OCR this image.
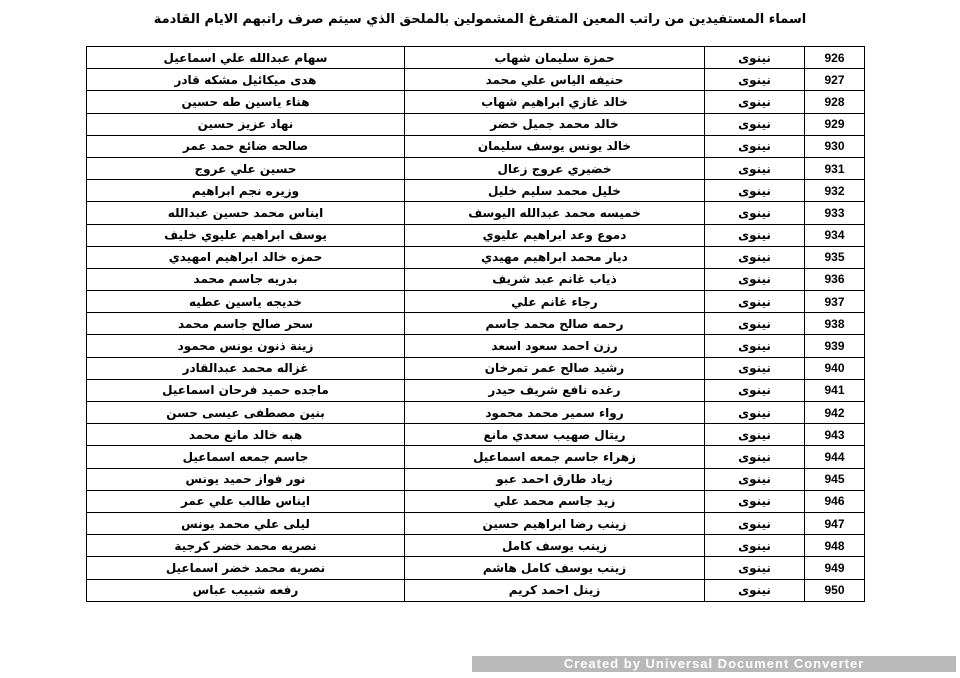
اسماء المستفيدين من راتب المعين المتفرغ المشمولين بالملحق الذي سيتم صرف راتبهم الايام القادمة
سهام عبدالله علي اسماعيل	حمزة سليمان شهاب	نينوى	926
هدى ميكائيل مشكه قادر	حنيفه الياس علي محمد	نينوى	927
هناء ياسين طه حسين	خالد غازي ابراهيم شهاب	نينوى	928
نهاد عزيز حسين	خالد محمد جميل خضر	نينوى	929
صالحه ضائع حمد عمر	خالد يونس يوسف سليمان	نينوى	930
حسين علي عروج	خضيري عروج زعال	نينوى	931
وزيره نجم ابراهيم	خليل محمد سليم خليل	نينوى	932
ايناس محمد حسين عبدالله	خميسه محمد عبدالله اليوسف	نينوى	933
يوسف ابراهيم عليوي خليف	دموع وعد ابراهيم عليوي	نينوى	934
حمزه خالد ابراهيم امهيدي	ديار محمد ابراهيم مهيدي	نينوى	935
بدريه جاسم محمد	ذياب غانم عبد شريف	نينوى	936
خديجه ياسين عطيه	رجاء غانم علي	نينوى	937
سحر صالح جاسم محمد	رحمه صالح محمد جاسم	نينوى	938
زينة ذنون يونس محمود	رزن احمد سعود اسعد	نينوى	939
غزاله محمد عبدالقادر	رشيد صالح عمر تمرخان	نينوى	940
ماجده حميد فرحان اسماعيل	رغده نافع شريف حيدر	نينوى	941
بنين مصطفى عيسى حسن	رواء سمير محمد محمود	نينوى	942
هبه خالد مانع محمد	ريتال صهيب سعدي مانع	نينوى	943
جاسم جمعه اسماعيل	زهراء جاسم جمعه اسماعيل	نينوى	944
نور فواز حميد يونس	زياد طارق احمد عبو	نينوى	945
ايناس طالب علي عمر	زيد جاسم محمد علي	نينوى	946
ليلى علي محمد يونس	زينب رضا ابراهيم حسين	نينوى	947
نصريه محمد خضر كرجية	زينب يوسف كامل	نينوى	948
نصريه محمد خضر اسماعيل	زينب يوسف كامل هاشم	نينوى	949
رفعه شبيب عباس	زينل احمد كريم	نينوى	950
Created by Universal Document Converter
